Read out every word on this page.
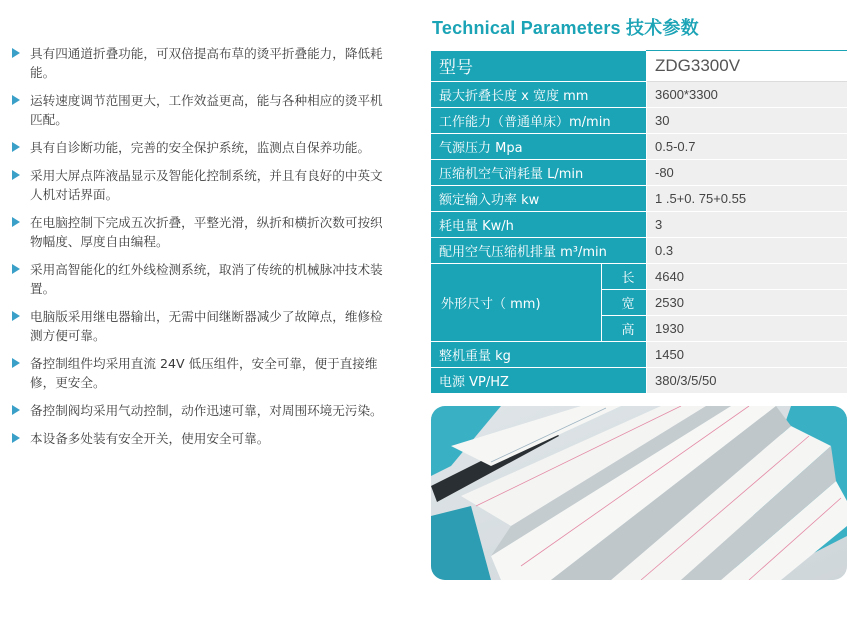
具有四通道折叠功能，可双倍提高布草的烫平折叠能力，降低耗能。
运转速度调节范围更大，工作效益更高，能与各种相应的烫平机匹配。
具有自诊断功能，完善的安全保护系统，监测点自保养功能。
采用大屏点阵液晶显示及智能化控制系统，并且有良好的中英文人机对话界面。
在电脑控制下完成五次折叠，平整光滑，纵折和横折次数可按织物幅度、厚度自由编程。
采用高智能化的红外线检测系统，取消了传统的机械脉冲技术装置。
电脑版采用继电器输出，无需中间继断器减少了故障点，维修检测方便可靠。
备控制组件均采用直流 24V 低压组件，安全可靠，便于直接维修，更安全。
备控制阀均采用气动控制，动作迅速可靠，对周围环境无污染。
本设备多处装有安全开关，使用安全可靠。
Technical Parameters 技术参数
型号		ZDG3300V
最大折叠长度 x 宽度 mm		3600*3300
工作能力（普通单床）m/min		30
气源压力 Mpa		0.5-0.7
压缩机空气消耗量 L/min		-80
额定输入功率 kw		1 .5+0. 75+0.55
耗电量 Kw/h		3
配用空气压缩机排量 m³/min		0.3
外形尺寸（ mm)	长	4640
	宽	2530
	高	1930
整机重量 kg		1450
电源 VP/HZ		380/3/5/50
